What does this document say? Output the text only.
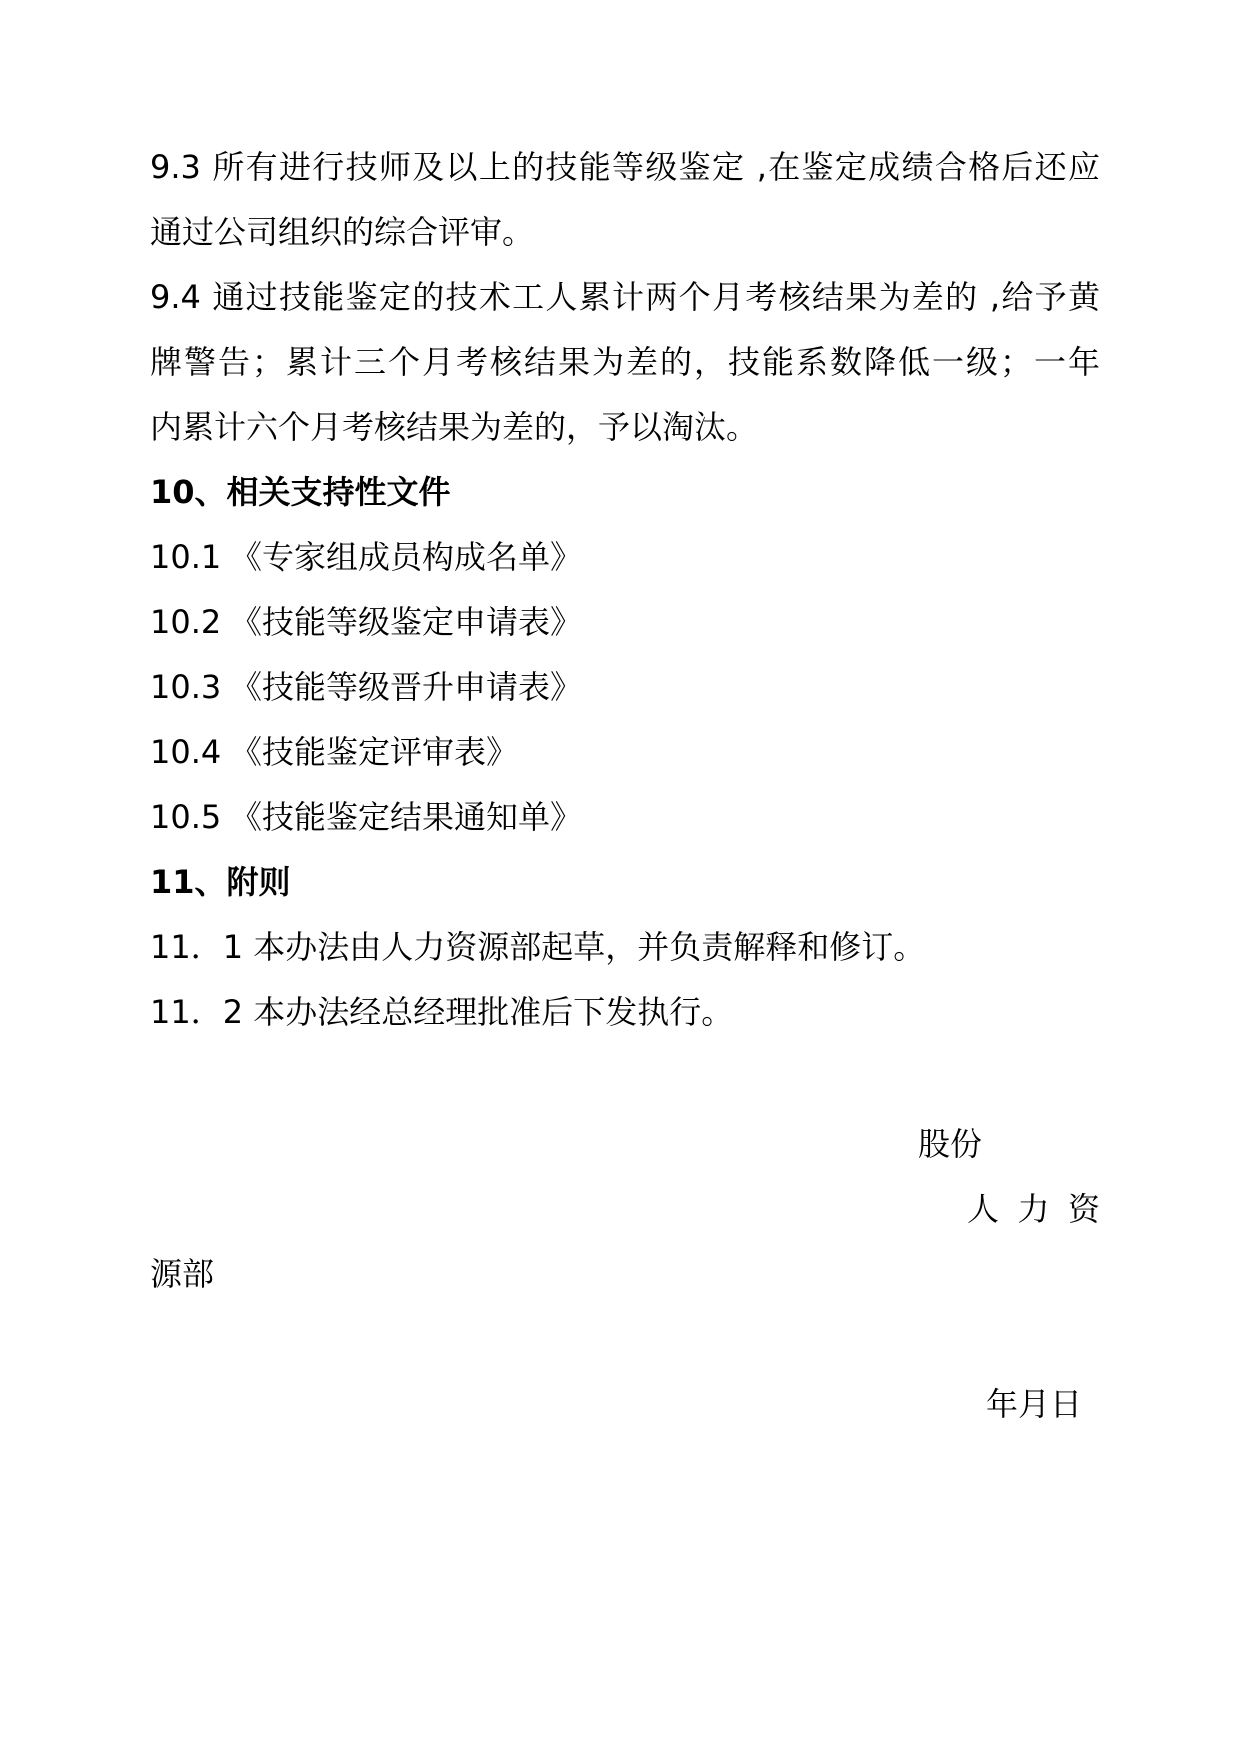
9.3 所有进行技师及以上的技能等级鉴定 ,在鉴定成绩合格后还应
通过公司组织的综合评审。
9.4 通过技能鉴定的技术工人累计两个月考核结果为差的 ,给予黄
牌警告；累计三个月考核结果为差的，技能系数降低一级；一年
内累计六个月考核结果为差的，予以淘汰。
10、相关支持性文件
10.1 《专家组成员构成名单》
10.2 《技能等级鉴定申请表》
10.3 《技能等级晋升申请表》
10.4 《技能鉴定评审表》
10.5 《技能鉴定结果通知单》
11、附则
11．1 本办法由人力资源部起草，并负责解释和修订。
11．2 本办法经总经理批准后下发执行。
股份
人力资
源部
年月日
